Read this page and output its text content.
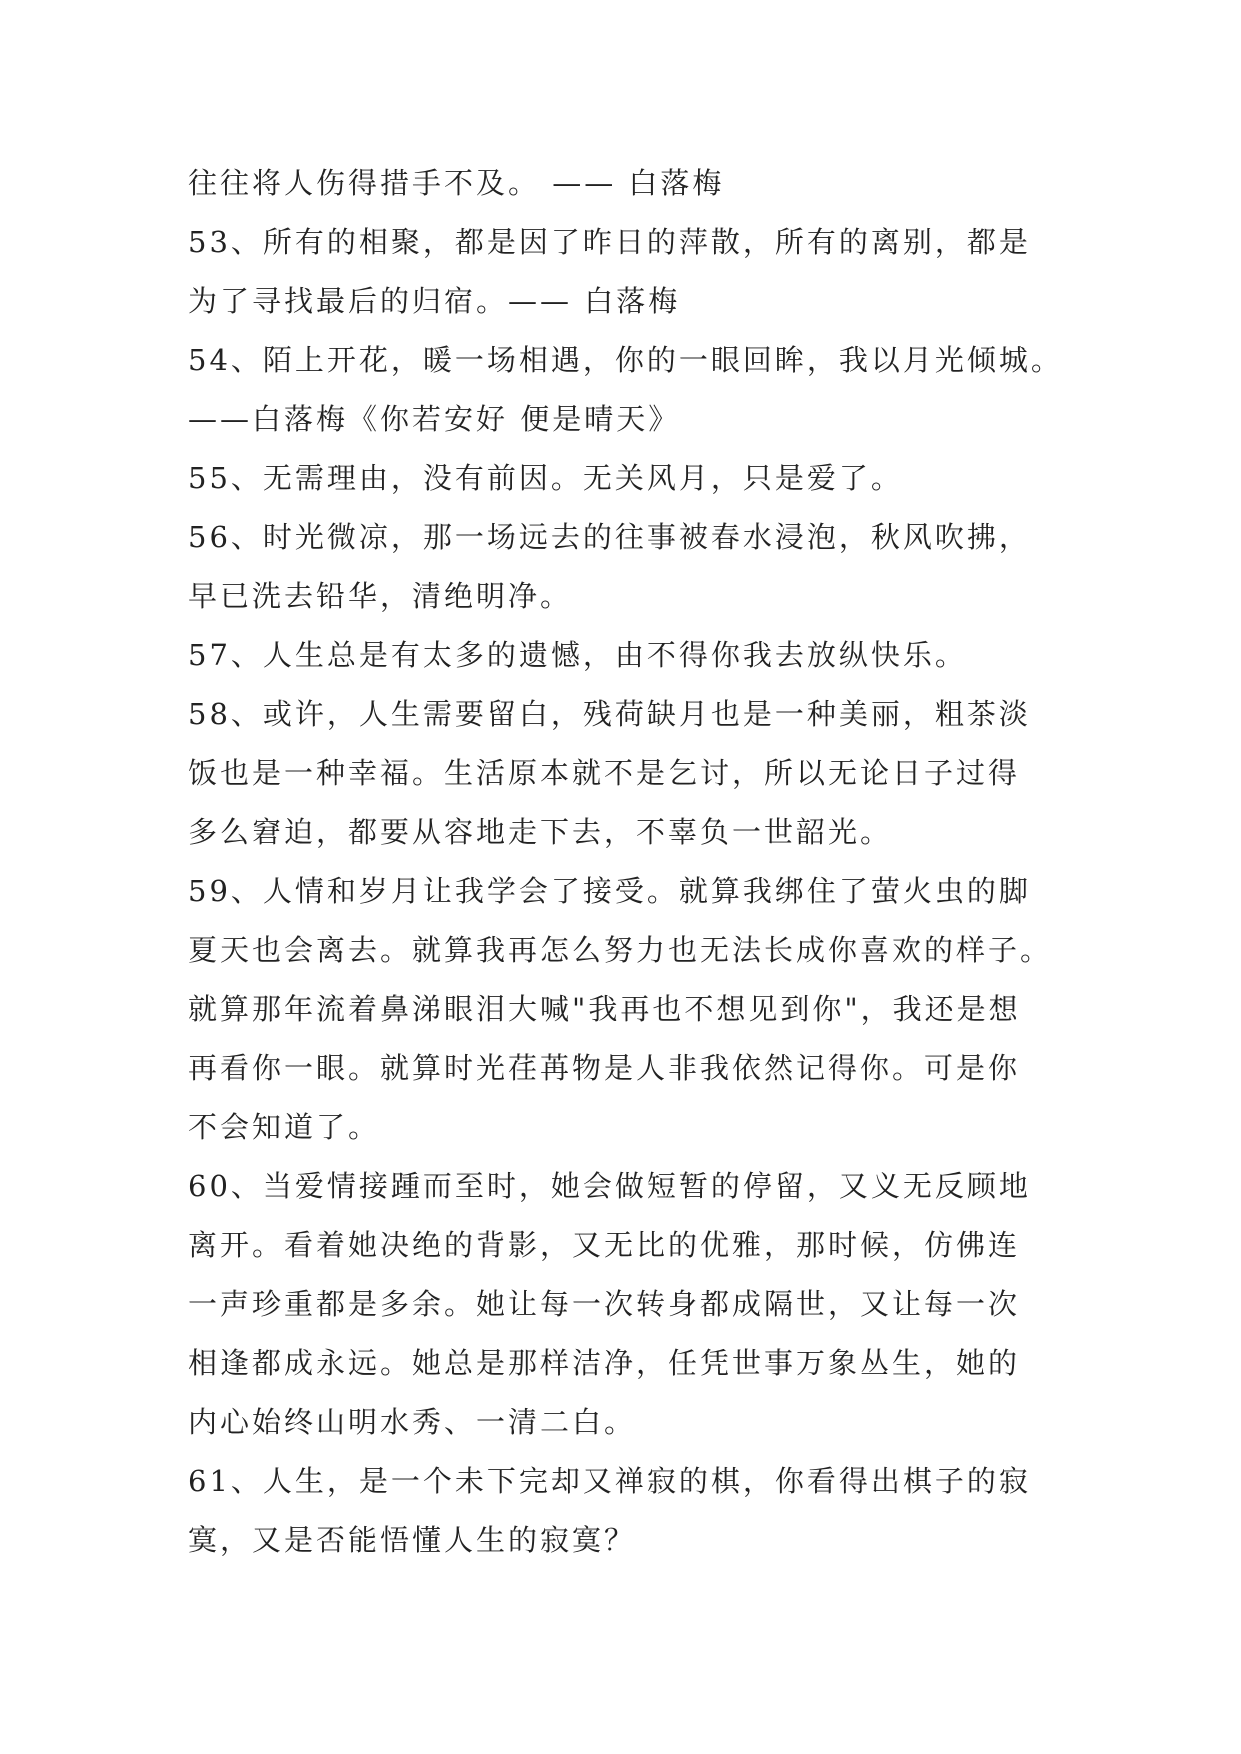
往往将人伤得措手不及。 —— 白落梅
53、所有的相聚，都是因了昨日的萍散，所有的离别，都是
为了寻找最后的归宿。—— 白落梅
54、陌上开花，暖一场相遇，你的一眼回眸，我以月光倾城。
——白落梅《你若安好 便是晴天》
55、无需理由，没有前因。无关风月，只是爱了。
56、时光微凉，那一场远去的往事被春水浸泡，秋风吹拂，
早已洗去铅华，清绝明净。
57、人生总是有太多的遗憾，由不得你我去放纵快乐。
58、或许，人生需要留白，残荷缺月也是一种美丽，粗茶淡
饭也是一种幸福。生活原本就不是乞讨，所以无论日子过得
多么窘迫，都要从容地走下去，不辜负一世韶光。
59、人情和岁月让我学会了接受。就算我绑住了萤火虫的脚
夏天也会离去。就算我再怎么努力也无法长成你喜欢的样子。
就算那年流着鼻涕眼泪大喊"我再也不想见到你"，我还是想
再看你一眼。就算时光荏苒物是人非我依然记得你。可是你
不会知道了。
60、当爱情接踵而至时，她会做短暂的停留，又义无反顾地
离开。看着她决绝的背影，又无比的优雅，那时候，仿佛连
一声珍重都是多余。她让每一次转身都成隔世，又让每一次
相逢都成永远。她总是那样洁净，任凭世事万象丛生，她的
内心始终山明水秀、一清二白。
61、人生，是一个未下完却又禅寂的棋，你看得出棋子的寂
寞，又是否能悟懂人生的寂寞？
